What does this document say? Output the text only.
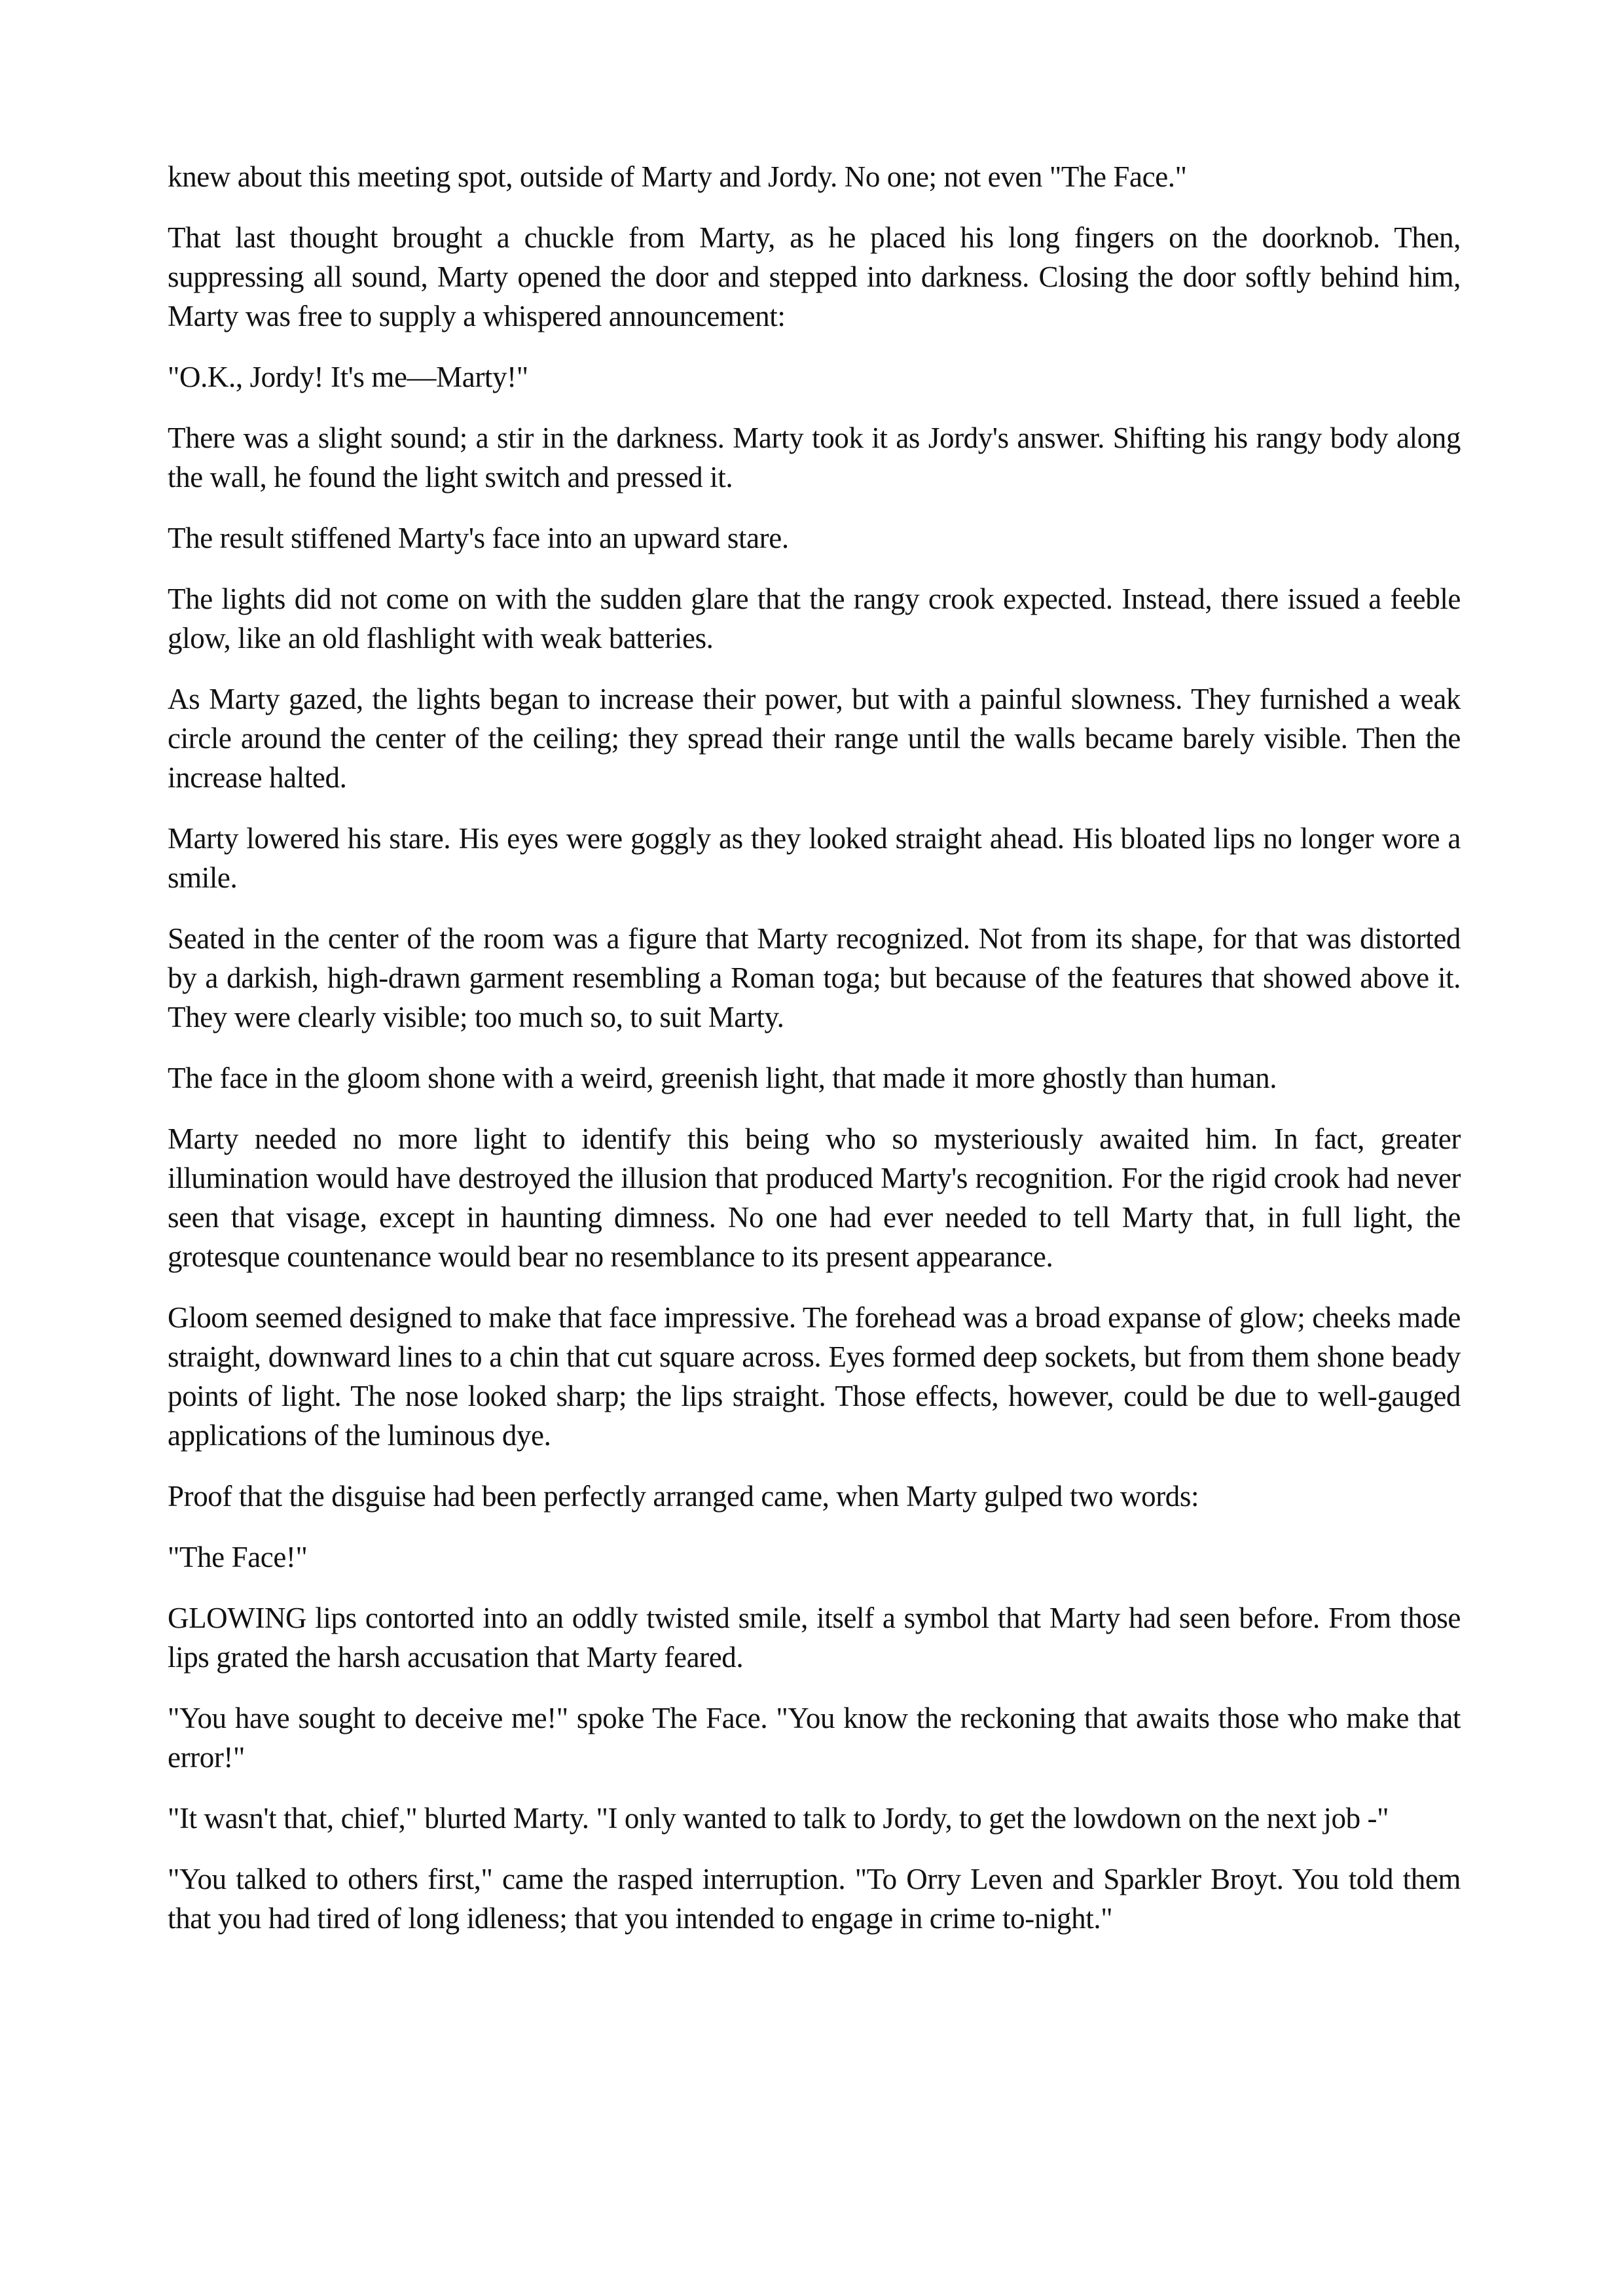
knew about this meeting spot, outside of Marty and Jordy. No one; not even "The Face."

That last thought brought a chuckle from Marty, as he placed his long fingers on the doorknob. Then, suppressing all sound, Marty opened the door and stepped into darkness. Closing the door softly behind him, Marty was free to supply a whispered announcement:

"O.K., Jordy! It's me—Marty!"

There was a slight sound; a stir in the darkness. Marty took it as Jordy's answer. Shifting his rangy body along the wall, he found the light switch and pressed it.

The result stiffened Marty's face into an upward stare.

The lights did not come on with the sudden glare that the rangy crook expected. Instead, there issued a feeble glow, like an old flashlight with weak batteries.

As Marty gazed, the lights began to increase their power, but with a painful slowness. They furnished a weak circle around the center of the ceiling; they spread their range until the walls became barely visible. Then the increase halted.

Marty lowered his stare. His eyes were goggly as they looked straight ahead. His bloated lips no longer wore a smile.

Seated in the center of the room was a figure that Marty recognized. Not from its shape, for that was distorted by a darkish, high-drawn garment resembling a Roman toga; but because of the features that showed above it. They were clearly visible; too much so, to suit Marty.

The face in the gloom shone with a weird, greenish light, that made it more ghostly than human.

Marty needed no more light to identify this being who so mysteriously awaited him. In fact, greater illumination would have destroyed the illusion that produced Marty's recognition. For the rigid crook had never seen that visage, except in haunting dimness. No one had ever needed to tell Marty that, in full light, the grotesque countenance would bear no resemblance to its present appearance.

Gloom seemed designed to make that face impressive. The forehead was a broad expanse of glow; cheeks made straight, downward lines to a chin that cut square across. Eyes formed deep sockets, but from them shone beady points of light. The nose looked sharp; the lips straight. Those effects, however, could be due to well-gauged applications of the luminous dye.

Proof that the disguise had been perfectly arranged came, when Marty gulped two words:

"The Face!"

GLOWING lips contorted into an oddly twisted smile, itself a symbol that Marty had seen before. From those lips grated the harsh accusation that Marty feared.

"You have sought to deceive me!" spoke The Face. "You know the reckoning that awaits those who make that error!"

"It wasn't that, chief," blurted Marty. "I only wanted to talk to Jordy, to get the lowdown on the next job -"

"You talked to others first," came the rasped interruption. "To Orry Leven and Sparkler Broyt. You told them that you had tired of long idleness; that you intended to engage in crime to-night."
